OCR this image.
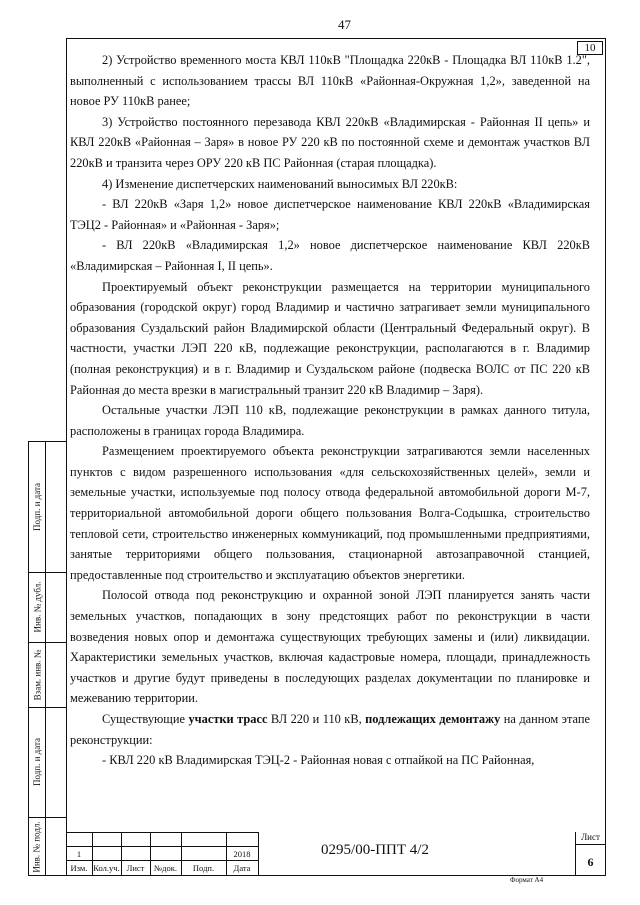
47
10

2) Устройство временного моста КВЛ 110кВ "Площадка 220кВ - Площадка ВЛ 110кВ 1.2", выполненный с использованием трассы ВЛ 110кВ «Районная-Окружная 1,2», заведенной на новое РУ 110кВ ранее;

3) Устройство постоянного перезавода КВЛ 220кВ «Владимирская - Районная II цепь» и КВЛ 220кВ «Районная – Заря» в новое РУ 220 кВ по постоянной схеме и демонтаж участков ВЛ 220кВ и транзита через ОРУ 220 кВ ПС Районная (старая площадка).

4) Изменение диспетчерских наименований выносимых ВЛ 220кВ:

- ВЛ 220кВ «Заря 1,2» новое диспетчерское наименование КВЛ 220кВ «Владимирская ТЭЦ2 - Районная» и «Районная - Заря»;

- ВЛ 220кВ «Владимирская 1,2» новое диспетчерское наименование КВЛ 220кВ «Владимирская – Районная I, II цепь».

Проектируемый объект реконструкции размещается на территории муниципального образования (городской округ) город Владимир и частично затрагивает земли муниципального образования Суздальский район Владимирской области (Центральный Федеральный округ). В частности, участки ЛЭП 220 кВ, подлежащие реконструкции, располагаются в г. Владимир (полная реконструкция) и в г. Владимир и Суздальском районе (подвеска ВОЛС от ПС 220 кВ Районная до места врезки в магистральный транзит 220 кВ Владимир – Заря).

Остальные участки ЛЭП 110 кВ, подлежащие реконструкции в рамках данного титула, расположены в границах города Владимира.

Размещением проектируемого объекта реконструкции затрагиваются земли населенных пунктов с видом разрешенного использования «для сельскохозяйственных целей», земли и земельные участки, используемые под полосу отвода федеральной автомобильной дороги М-7, территориальной автомобильной дороги общего пользования Волга-Содышка, строительство тепловой сети, строительство инженерных коммуникаций, под промышленными предприятиями, занятые территориями общего пользования, стационарной автозаправочной станцией, предоставленные под строительство и эксплуатацию объектов энергетики.

Полосой отвода под реконструкцию и охранной зоной ЛЭП планируется занять части земельных участков, попадающих в зону предстоящих работ по реконструкции в части возведения новых опор и демонтажа существующих требующих замены и (или) ликвидации. Характеристики земельных участков, включая кадастровые номера, площади, принадлежность участков и другие будут приведены в последующих разделах документации по планировке и межеванию территории.

Существующие участки трасс ВЛ 220 и 110 кВ, подлежащих демонтажу на данном этапе реконструкции:

- КВЛ 220 кВ Владимирская ТЭЦ-2 - Районная новая с отпайкой на ПС Районная,

Подп. и дата
Инв. № дубл.
Взам. инв. №
Подп. и дата
Инв. № подл.	1	2018
Изм. Кол.уч. Лист	№док.	Подп.	Дата
0295/00-ППТ 4/2
Лист
6
Формат А4
